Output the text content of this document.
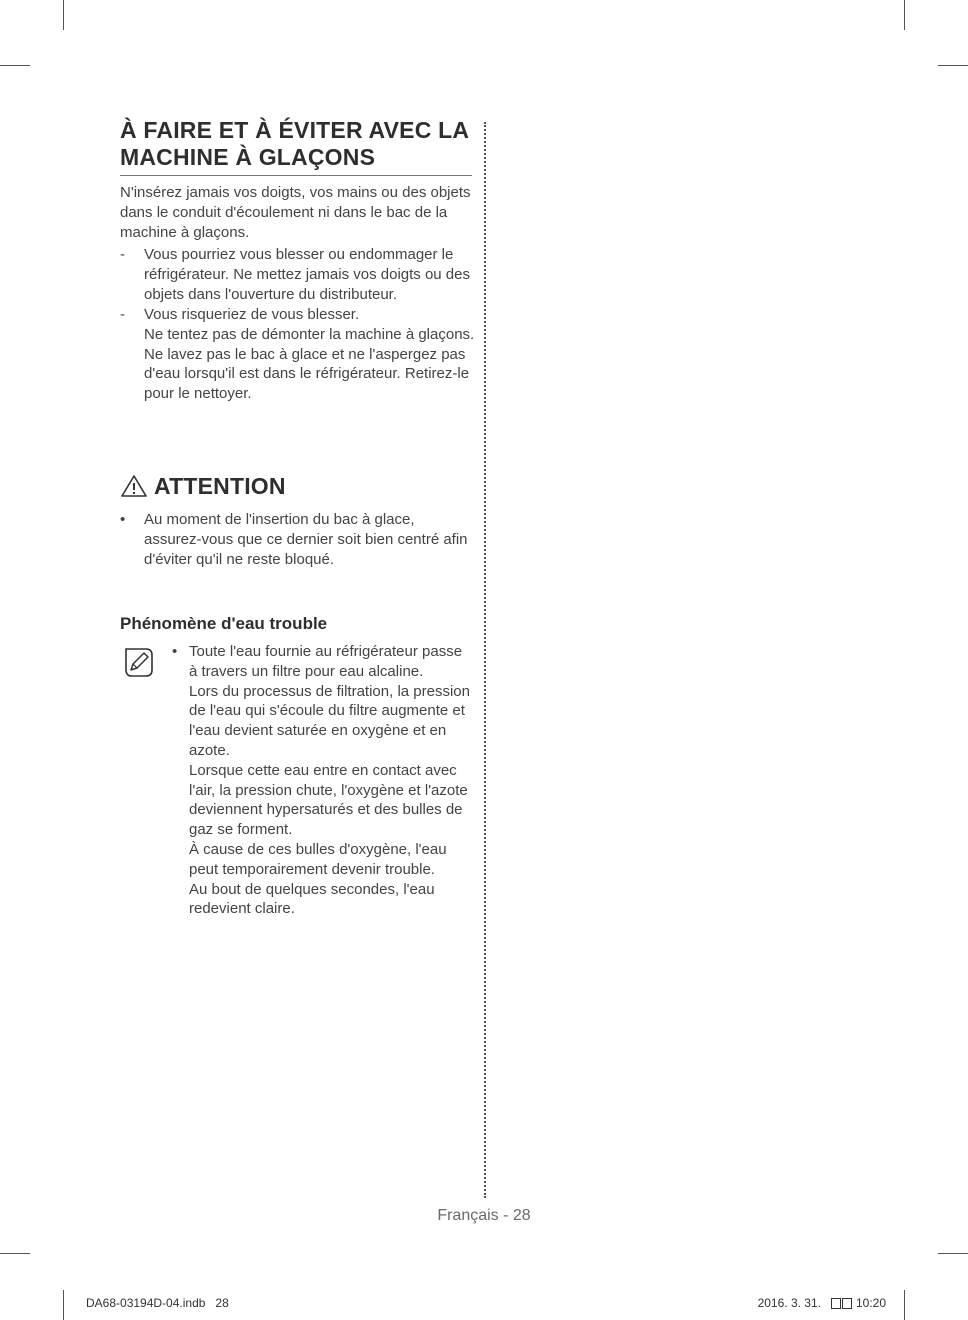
À FAIRE ET À ÉVITER AVEC LA
MACHINE À GLAÇONS
N'insérez jamais vos doigts, vos mains ou des objets dans le conduit d'écoulement ni dans le bac de la machine à glaçons.
-	Vous pourriez vous blesser ou endommager le réfrigérateur. Ne mettez jamais vos doigts ou des objets dans l'ouverture du distributeur.
-	Vous risqueriez de vous blesser.
Ne tentez pas de démonter la machine à glaçons.
Ne lavez pas le bac à glace et ne l'aspergez pas d'eau lorsqu'il est dans le réfrigérateur. Retirez-le pour le nettoyer.
ATTENTION
•	Au moment de l'insertion du bac à glace, assurez-vous que ce dernier soit bien centré afin d'éviter qu'il ne reste bloqué.
Phénomène d'eau trouble
• Toute l'eau fournie au réfrigérateur passe à travers un filtre pour eau alcaline.
Lors du processus de filtration, la pression de l'eau qui s'écoule du filtre augmente et l'eau devient saturée en oxygène et en azote.
Lorsque cette eau entre en contact avec l'air, la pression chute, l'oxygène et l'azote deviennent hypersaturés et des bulles de gaz se forment.
À cause de ces bulles d'oxygène, l'eau peut temporairement devenir trouble.
Au bout de quelques secondes, l'eau redevient claire.
Français - 28
DA68-03194D-04.indb   28	2016. 3. 31.	10:20
